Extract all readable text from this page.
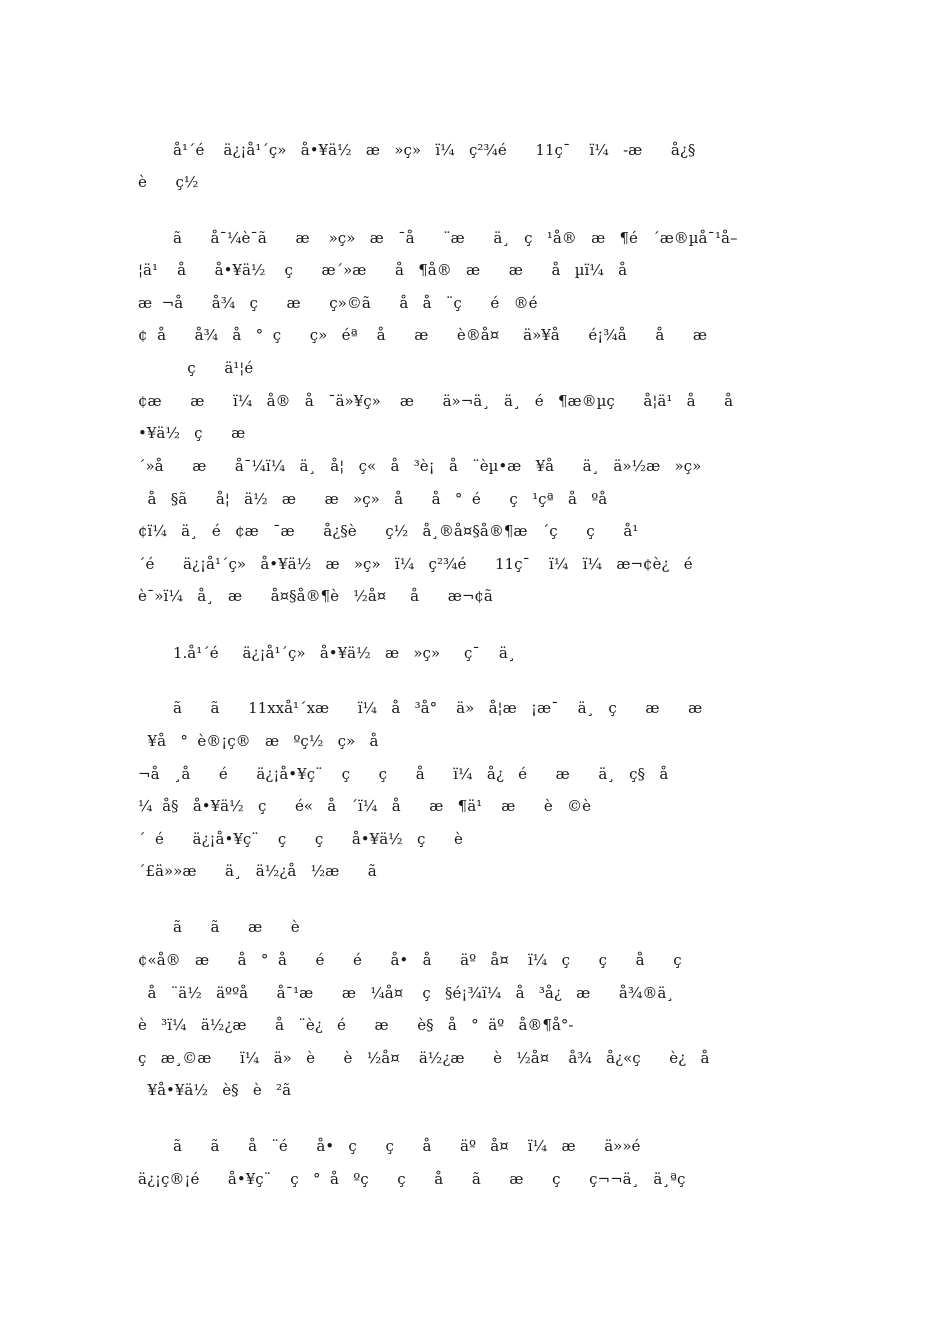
å¹´é    ä¿¡å¹´ç»   å•¥ä½   æ   »ç»   ï¼   ç²¾é      11ç¯    ï¼   -æ      å¿§
è      ç½
ã      å¯¼è¯ã      æ    »ç»   æ   ¯å      ¨æ      ä¸   ç   ¹å®   æ   ¶é   ´æ®µå¯¹å–
¦ä¹    å      å•¥ä½    ç      æ´»æ      å   ¶å®   æ      æ      å   µï¼   å
æ  ¬å      å¾   ç      æ      ç»©ã      å   å   ¨ç      é   ®é
¢  å      å¾   å   °  ç      ç»   éª    å      æ      è®å¤     ä»¥å      é¡¾å      å      æ
ç      ä¹¦é
¢æ      æ      ï¼   å®   å   ¯ä»¥ç»    æ      ä»¬ä¸   ä¸   é   ¶æ®µç      å¦ä¹   å      å
•¥ä½   ç      æ
´»å      æ      å¯¼ï¼   ä¸   å¦   ç«   å   ³è¡   å   ¨èµ•æ   ¥å      ä¸   ä»½æ   »ç»
å   §ã      å¦   ä½   æ      æ   »ç»   å      å   °  é      ç   ¹çª   å   ºå
¢ï¼   ä¸   é   ¢æ   ¯æ      å¿§è      ç½   å¸®å¤§å®¶æ   ´ç      ç      å¹
´é      ä¿¡å¹´ç»   å•¥ä½   æ   »ç»   ï¼   ç²¾é      11ç¯    ï¼   ï¼   æ¬¢è¿   é
è¯»ï¼   å¸   æ      å¤§å®¶è   ½å¤     å      æ¬¢ã
1.å¹´é     ä¿¡å¹´ç»   å•¥ä½   æ   »ç»     ç¯    ä¸
ã      ã      11xxå¹´xæ      ï¼   å   ³å°    ä»   å¦æ   ¡æ¯    ä¸   ç      æ      æ
¥å   °  è®¡ç®   æ   ºç½   ç»   å
¬å   ¸å      é      ä¿¡å•¥ç¨    ç      ç      å      ï¼   å¿   é      æ      ä¸   ç§   å
¼  å§   å•¥ä½   ç      é«   å   ´ï¼   å      æ   ¶ä¹    æ      è   ©è
´  é      ä¿¡å•¥ç¨    ç      ç      å•¥ä½   ç      è
´£ä»»æ      ä¸   ä½¿å   ½æ      ã
ã      ã      æ      è
¢«å®   æ      å   °  å      é      é      å•   å      äº   å¤    ï¼   ç      ç      å      ç
å   ¨ä½   äººå      å¯¹æ      æ   ¼å¤    ç   §é¡¾ï¼   å   ³å¿   æ      å¾®ä¸
è   ³ï¼   ä½¿æ      å   ¨è¿   é      æ      è§   å   °  äº   å®¶å°-
ç   æ¸©æ      ï¼   ä»   è      è   ½å¤    ä½¿æ      è   ½å¤    å¾   å¿«ç      è¿   å
¥å•¥ä½   è§   è   ²ã
ã      ã      å   ¨é      å•   ç      ç      å      äº   å¤    ï¼   æ      ä»»é
ä¿¡ç®¡é      å•¥ç¨    ç   °  å   ºç      ç      å      ã      æ      ç      ç¬¬ä¸   ä¸ªç
